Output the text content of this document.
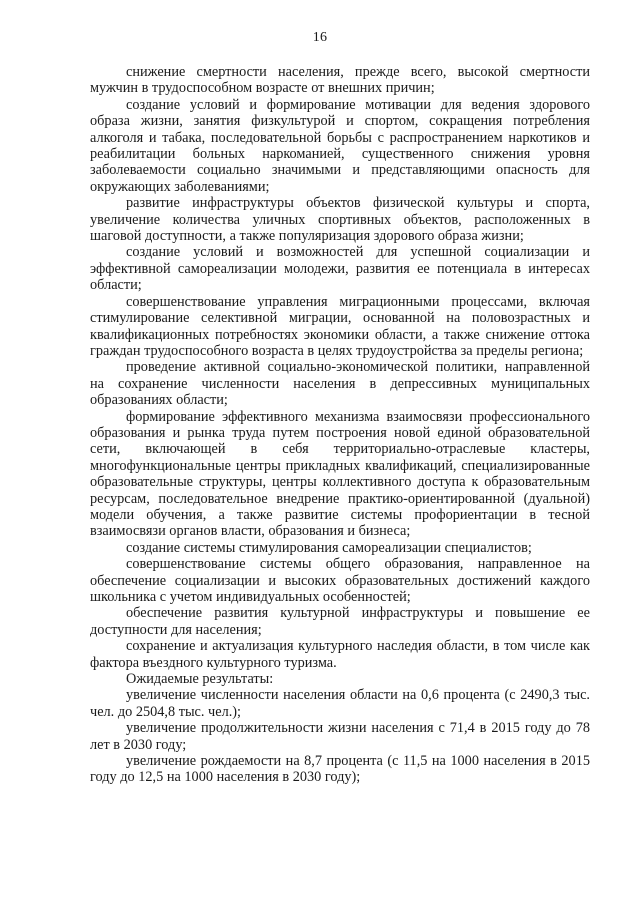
16

снижение смертности населения, прежде всего, высокой смертности мужчин в трудоспособном возрасте от внешних причин;

создание условий и формирование мотивации для ведения здорового образа жизни, занятия физкультурой и спортом, сокращения потребления алкоголя и табака, последовательной борьбы с распространением наркотиков и реабилитации больных наркоманией, существенного снижения уровня заболеваемости социально значимыми и представляющими опасность для окружающих заболеваниями;

развитие инфраструктуры объектов физической культуры и спорта, увеличение количества уличных спортивных объектов, расположенных в шаговой доступности, а также популяризация здорового образа жизни;

создание условий и возможностей для успешной социализации и эффективной самореализации молодежи, развития ее потенциала в интересах области;

совершенствование управления миграционными процессами, включая стимулирование селективной миграции, основанной на половозрастных и квалификационных потребностях экономики области, а также снижение оттока граждан трудоспособного возраста в целях трудоустройства за пределы региона;

проведение активной социально-экономической политики, направленной на сохранение численности населения в депрессивных муниципальных образованиях области;

формирование эффективного механизма взаимосвязи профессионального образования и рынка труда путем построения новой единой образовательной сети, включающей в себя территориально-отраслевые кластеры, многофункциональные центры прикладных квалификаций, специализированные образовательные структуры, центры коллективного доступа к образовательным ресурсам, последовательное внедрение практико-ориентированной (дуальной) модели обучения, а также развитие системы профориентации в тесной взаимосвязи органов власти, образования и бизнеса;

создание системы стимулирования самореализации специалистов;

совершенствование системы общего образования, направленное на обеспечение социализации и высоких образовательных достижений каждого школьника с учетом индивидуальных особенностей;

обеспечение развития культурной инфраструктуры и повышение ее доступности для населения;

сохранение и актуализация культурного наследия области, в том числе как фактора въездного культурного туризма.

Ожидаемые результаты:

увеличение численности населения области на 0,6 процента (с 2490,3 тыс. чел. до 2504,8 тыс. чел.);

увеличение продолжительности жизни населения с 71,4 в 2015 году до 78 лет в 2030 году;

увеличение рождаемости на 8,7 процента (с 11,5 на 1000 населения в 2015 году до 12,5 на 1000 населения в 2030 году);
